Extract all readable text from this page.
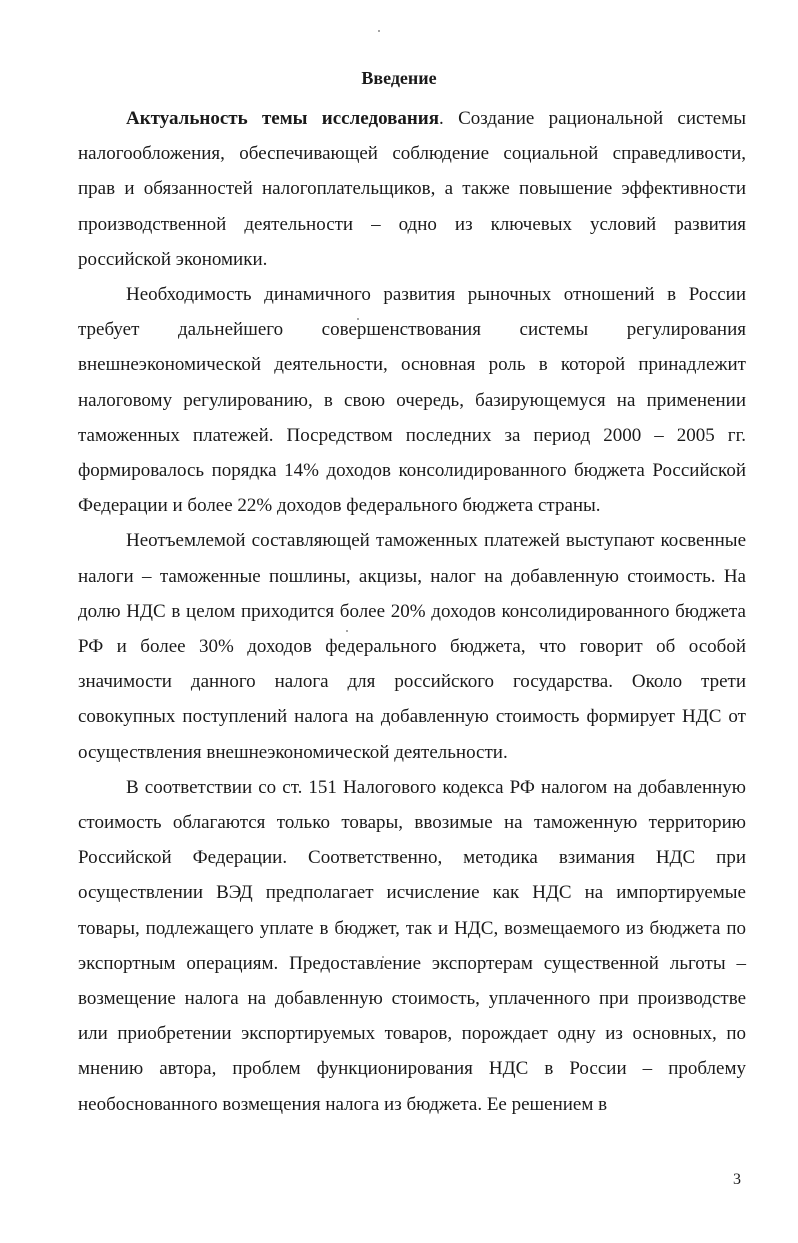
Введение

Актуальность темы исследования. Создание рациональной системы налогообложения, обеспечивающей соблюдение социальной справедливости, прав и обязанностей налогоплательщиков, а также повышение эффективности производственной деятельности – одно из ключевых условий развития российской экономики.

Необходимость динамичного развития рыночных отношений в России требует дальнейшего совершенствования системы регулирования внешнеэкономической деятельности, основная роль в которой принадлежит налоговому регулированию, в свою очередь, базирующемуся на применении таможенных платежей. Посредством последних за период 2000 – 2005 гг. формировалось порядка 14% доходов консолидированного бюджета Российской Федерации и более 22% доходов федерального бюджета страны.

Неотъемлемой составляющей таможенных платежей выступают косвенные налоги – таможенные пошлины, акцизы, налог на добавленную стоимость. На долю НДС в целом приходится более 20% доходов консолидированного бюджета РФ и более 30% доходов федерального бюджета, что говорит об особой значимости данного налога для российского государства. Около трети совокупных поступлений налога на добавленную стоимость формирует НДС от осуществления внешнеэкономической деятельности.

В соответствии со ст. 151 Налогового кодекса РФ налогом на добавленную стоимость облагаются только товары, ввозимые на таможенную территорию Российской Федерации. Соответственно, методика взимания НДС при осуществлении ВЭД предполагает исчисление как НДС на импортируемые товары, подлежащего уплате в бюджет, так и НДС, возмещаемого из бюджета по экспортным операциям. Предоставление экспортерам существенной льготы – возмещение налога на добавленную стоимость, уплаченного при производстве или приобретении экспортируемых товаров, порождает одну из основных, по мнению автора, проблем функционирования НДС в России – проблему необоснованного возмещения налога из бюджета. Ее решением в

3
